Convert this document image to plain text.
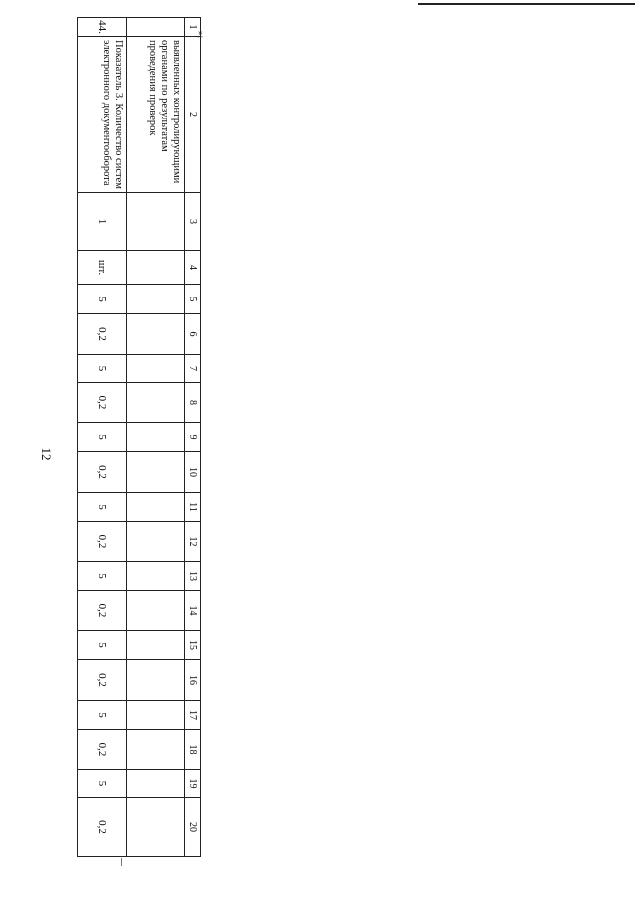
12
»;
1	2	3	4	5	6	7	8	9	10	11	12	13	14	15	16	17	18	19	20
	выявленных контролирующими органами по результатам проведения проверок																		
44.	Показатель 3. Количество систем электронного документооборота	1	шт.	5	0,2	5	0,2	5	0,2	5	0,2	5	0,2	5	0,2	5	0,2	5	0,2
